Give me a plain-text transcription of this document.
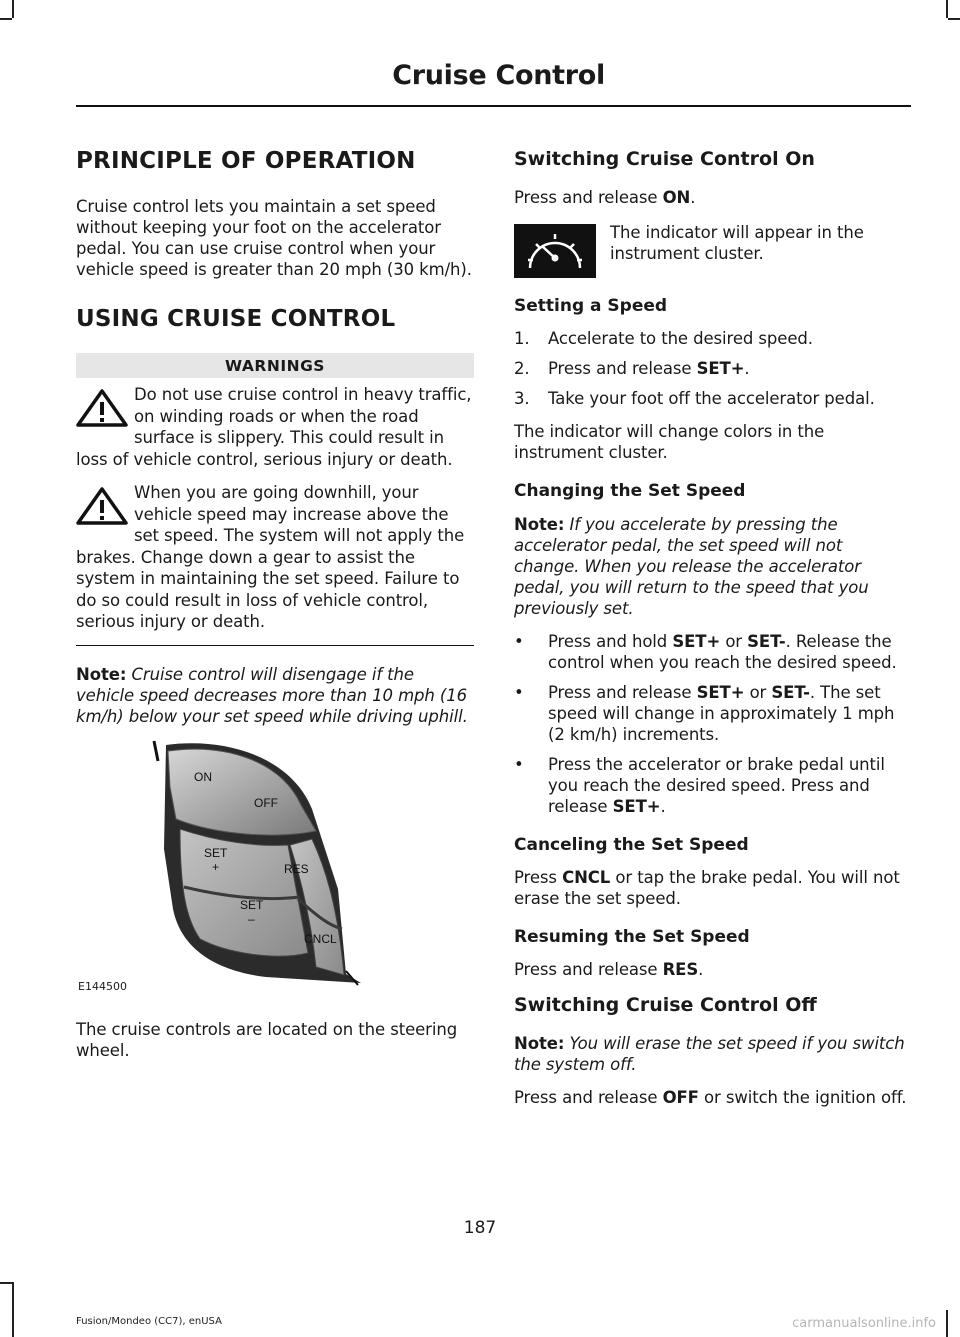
Cruise Control
PRINCIPLE OF OPERATION

Cruise control lets you maintain a set speed without keeping your foot on the accelerator pedal. You can use cruise control when your vehicle speed is greater than 20 mph (30 km/h).

USING CRUISE CONTROL
WARNINGS
Do not use cruise control in heavy traffic, on winding roads or when the road surface is slippery. This could result in loss of vehicle control, serious injury or death.
When you are going downhill, your vehicle speed may increase above the set speed. The system will not apply the brakes. Change down a gear to assist the system in maintaining the set speed. Failure to do so could result in loss of vehicle control, serious injury or death.

Note: Cruise control will disengage if the vehicle speed decreases more than 10 mph (16 km/h) below your set speed while driving uphill.

ON
OFF
SET
+	RES
SET
–
CNCL
E144500

The cruise controls are located on the steering wheel.

Switching Cruise Control On

Press and release ON.

The indicator will appear in the instrument cluster.

Setting a Speed
1. Accelerate to the desired speed.
2. Press and release SET+.
3. Take your foot off the accelerator pedal.

The indicator will change colors in the instrument cluster.

Changing the Set Speed

Note: If you accelerate by pressing the accelerator pedal, the set speed will not change. When you release the accelerator pedal, you will return to the speed that you previously set.

• Press and hold SET+ or SET-. Release the control when you reach the desired speed.
• Press and release SET+ or SET-. The set speed will change in approximately 1 mph (2 km/h) increments.
• Press the accelerator or brake pedal until you reach the desired speed. Press and release SET+.
Canceling the Set Speed

Press CNCL or tap the brake pedal. You will not erase the set speed.

Resuming the Set Speed

Press and release RES.

Switching Cruise Control Off

Note: You will erase the set speed if you switch the system off.

Press and release OFF or switch the ignition off.

187
Fusion/Mondeo (CC7), enUSA	carmanualsonline.info
